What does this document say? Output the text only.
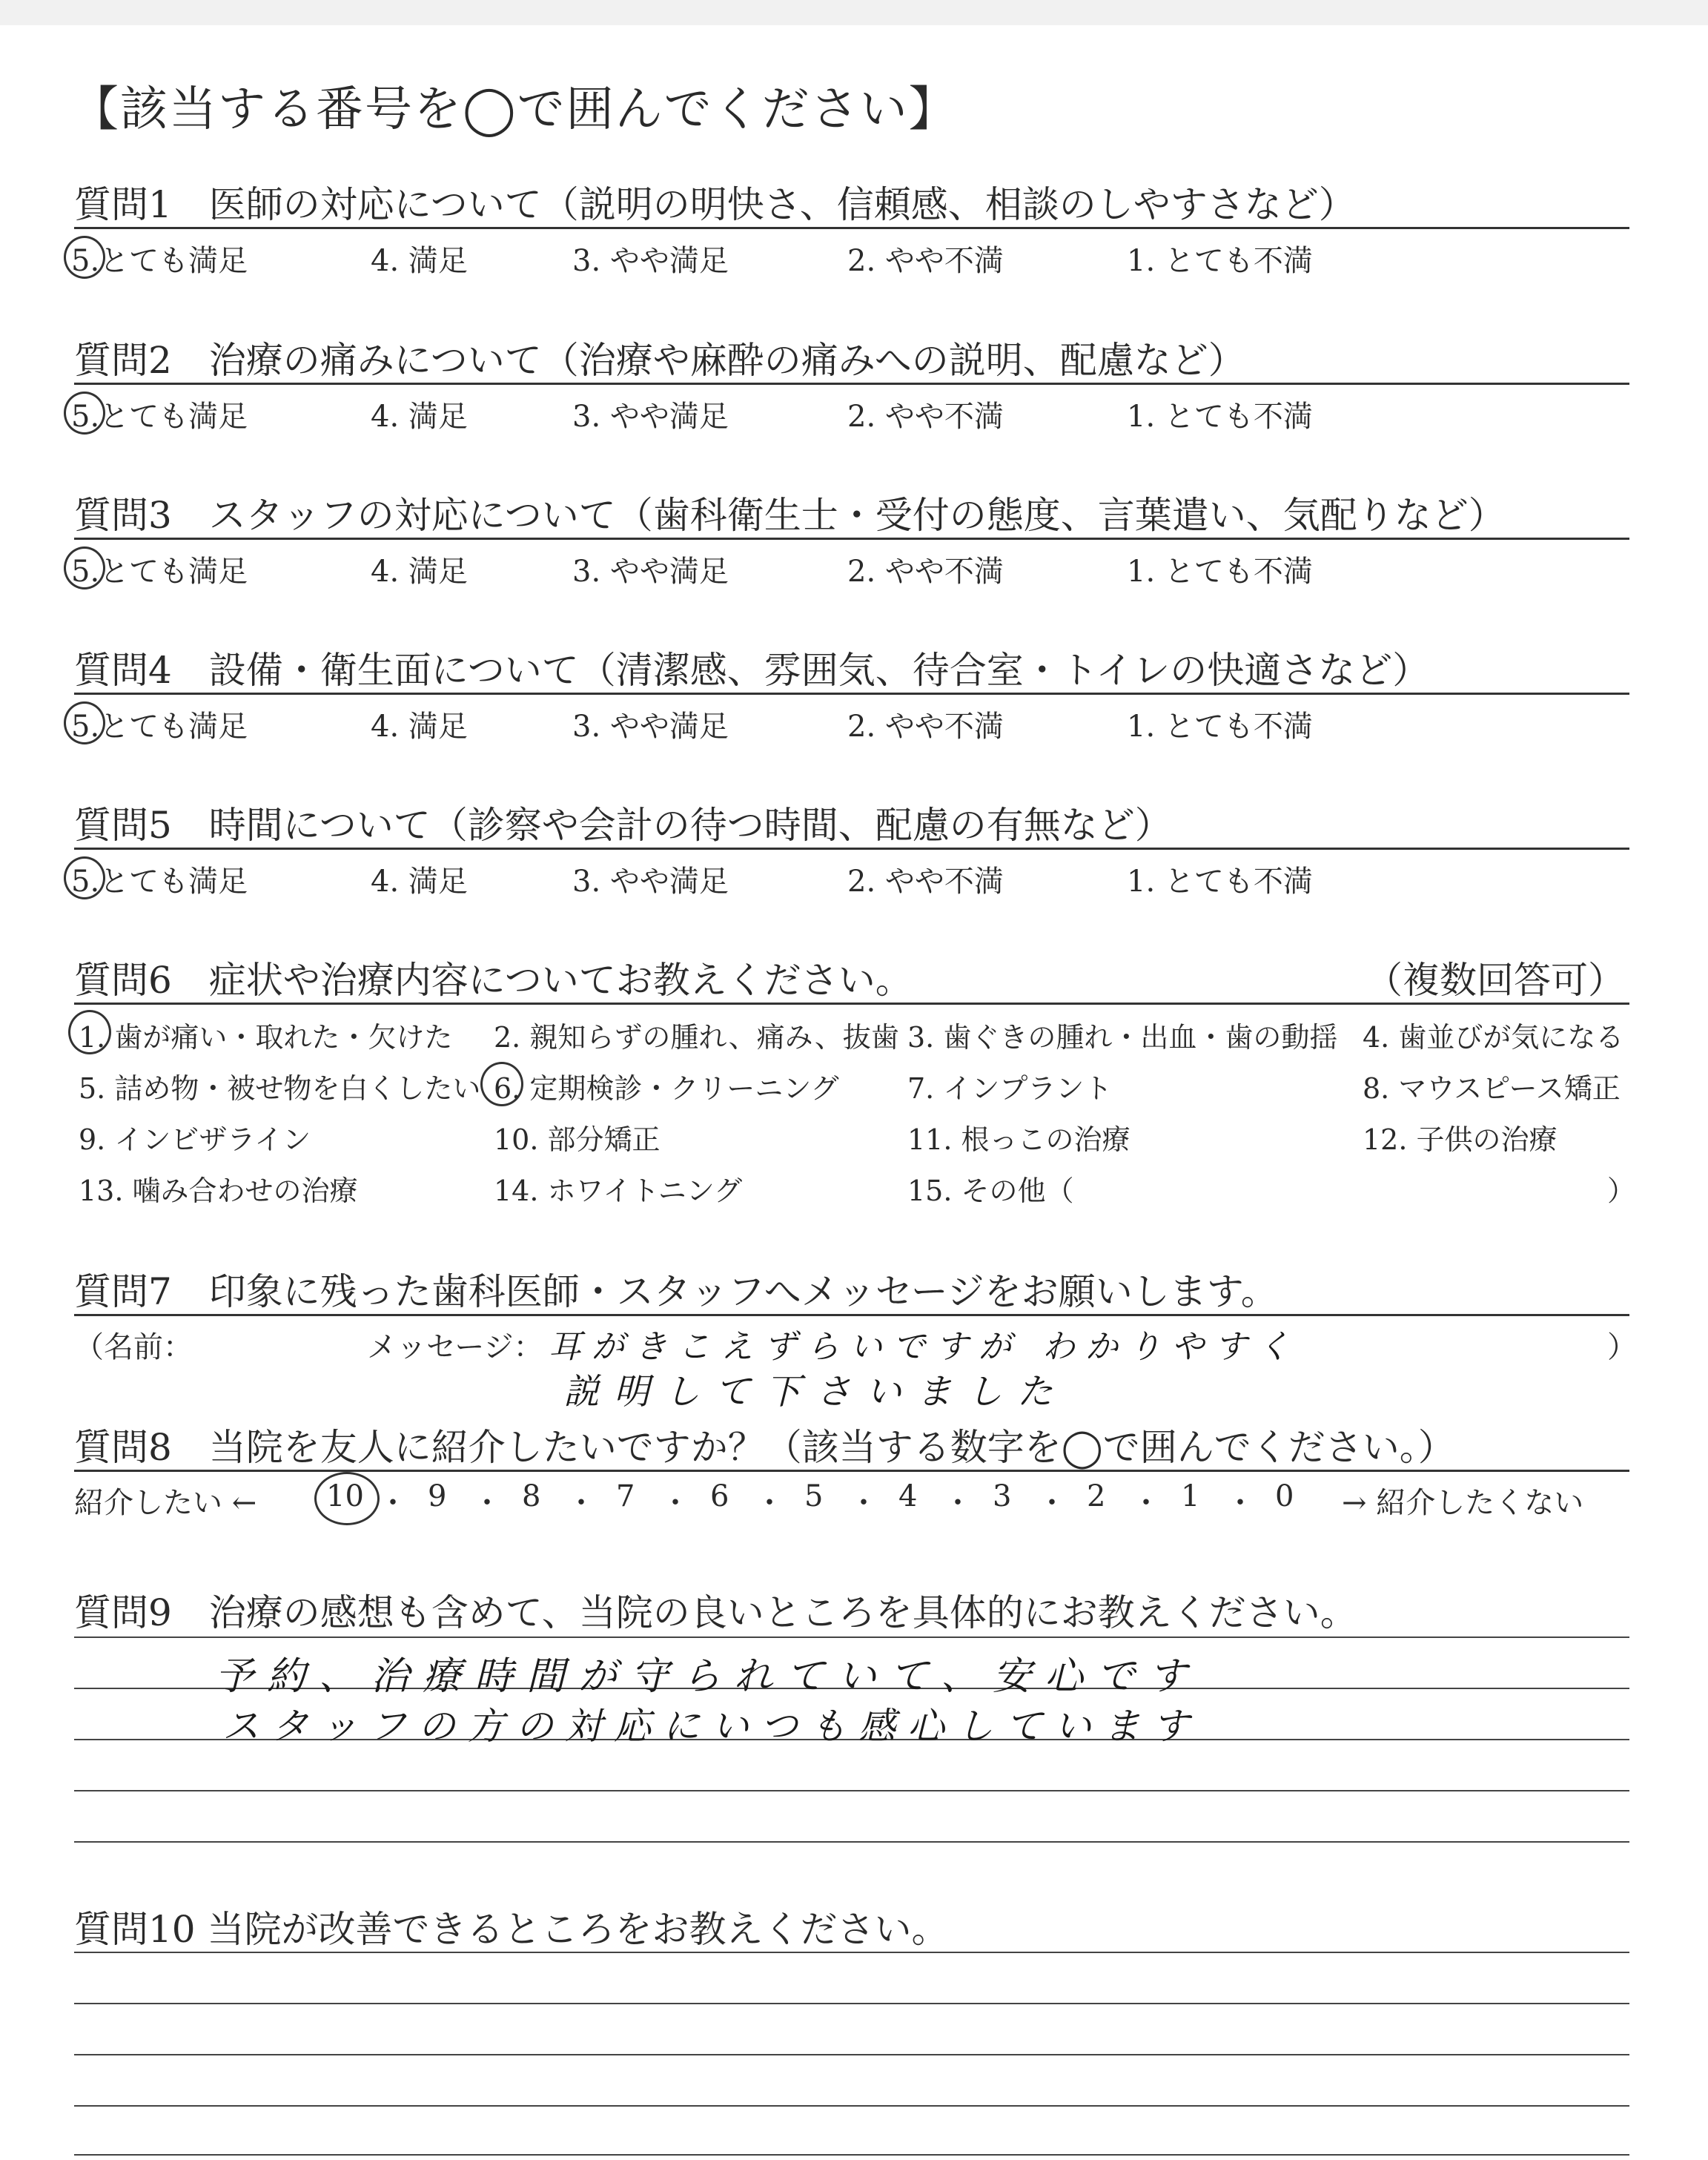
【該当する番号を◯で囲んでください】
質問1　医師の対応について（説明の明快さ、信頼感、相談のしやすさなど）
5.とても満足	4. 満足	3. やや満足	2. やや不満	1. とても不満
質問2　治療の痛みについて（治療や麻酔の痛みへの説明、配慮など）
5.とても満足	4. 満足	3. やや満足	2. やや不満	1. とても不満
質問3　スタッフの対応について（歯科衛生士・受付の態度、言葉遣い、気配りなど）
5.とても満足	4. 満足	3. やや満足	2. やや不満	1. とても不満
質問4　設備・衛生面について（清潔感、雰囲気、待合室・トイレの快適さなど）
5.とても満足	4. 満足	3. やや満足	2. やや不満	1. とても不満
質問5　時間について（診察や会計の待つ時間、配慮の有無など）
5.とても満足	4. 満足	3. やや満足	2. やや不満	1. とても不満
質問6　症状や治療内容についてお教えください。	（複数回答可）
1. 歯が痛い・取れた・欠けた 2. 親知らずの腫れ、痛み、抜歯 3. 歯ぐきの腫れ・出血・歯の動揺 4. 歯並びが気になる
5. 詰め物・被せ物を白くしたい 6. 定期検診・クリーニング 7. インプラント	8. マウスピース矯正
9. インビザライン	10. 部分矯正	11. 根っこの治療	12. 子供の治療
13. 噛み合わせの治療	14. ホワイトニング	15. その他（	）
質問7　印象に残った歯科医師・スタッフへメッセージをお願いします。
（名前：	メッセージ：	）
耳がきこえずらいですが わかりやすく
説明して下さいました
質問8　当院を友人に紹介したいですか？（該当する数字を◯で囲んでください。）
紹介したい ← 10 ・ 9 ・ 8 ・ 7 ・ 6 ・ 5 ・ 4 ・ 3 ・ 2 ・ 1 ・ 0 → 紹介したくない
質問9　治療の感想も含めて、当院の良いところを具体的にお教えください。
予約、治療時間が守られていて、安心です
スタッフの方の対応にいつも感心しています
質問10 当院が改善できるところをお教えください。
